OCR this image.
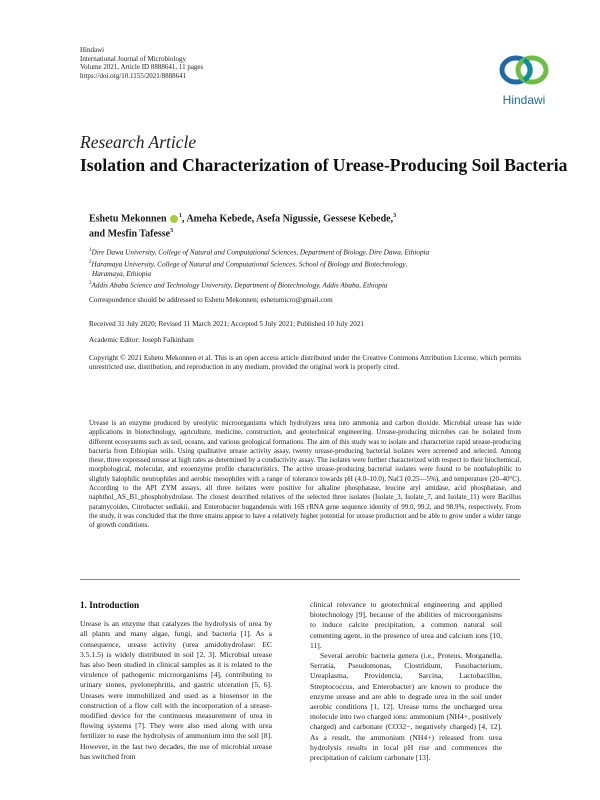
Hindawi
International Journal of Microbiology
Volume 2021, Article ID 8888641, 11 pages
https://doi.org/10.1155/2021/8888641
Hindawi
Research Article
Isolation and Characterization of Urease-Producing Soil Bacteria
Eshetu Mekonnen $^1$, Ameha Kebede, Asefa Nigussie, Gessese Kebede,$^3$
and Mesfin Tafesse$^3$

$^1$Dire Dawa University, College of Natural and Computational Sciences, Department of Biology, Dire Dawa, Ethiopia

$^2$Haramaya University, College of Natural and Computational Sciences, School of Biology and Biotechnology,

Haramaya, Ethiopia

$^3$Addis Ababa Science and Technology University, Department of Biotechnology, Addis Ababa, Ethiopia

Correspondence should be addressed to Eshetu Mekonnen; eshetumicro@gmail.com
Received 31 July 2020; Revised 11 March 2021; Accepted 5 July 2021; Published 10 July 2021
Academic Editor: Joseph Falkinham
Copyright © 2021 Eshetu Mekonnen et al. This is an open access article distributed under the Creative Commons Attribution License, which permits unrestricted use, distribution, and reproduction in any medium, provided the original work is properly cited.
Urease is an enzyme produced by ureolytic microorganisms which hydrolyzes urea into ammonia and carbon dioxide. Microbial urease has wide applications in biotechnology, agriculture, medicine, construction, and geotechnical engineering. Urease-producing microbes can be isolated from different ecosystems such as soil, oceans, and various geological formations. The aim of this study was to isolate and characterize rapid urease-producing bacteria from Ethiopian soils. Using qualitative urease activity assay, twenty urease-producing bacterial isolates were screened and selected. Among these, three expressed urease at high rates as determined by a conductivity assay. The isolates were further characterized with respect to their biochemical, morphological, molecular, and exoenzyme profile characteristics. The active urease-producing bacterial isolates were found to be nonhalophilic to slightly halophilic neutrophiles and aerobic mesophiles with a range of tolerance towards pH (4.0–10.0), NaCl (0.25—5%), and temperature (20–40°C). According to the API ZYM assays, all three isolates were positive for alkaline phosphatase, leucine aryl amidase, acid phosphatase, and naphthol_AS_B1_phosphohydrolase. The closest described relatives of the selected three isolates (Isolate_3, Isolate_7, and Isolate_11) were Bacillus paramycoides, Citrobacter sedlakii, and Enterobacter bugandensis with 16S rRNA gene sequence identity of 99.0, 99.2, and 98.9%, respectively. From the study, it was concluded that the three strains appear to have a relatively higher potential for urease production and be able to grow under a wider range of growth conditions.

1. Introduction

Urease is an enzyme that catalyzes the hydrolysis of urea by all plants and many algae, fungi, and bacteria [1]. As a consequence, urease activity (urea amidohydrolase: EC 3.5.1.5) is widely distributed in soil [2, 3]. Microbial urease has also been studied in clinical samples as it is related to the virulence of pathogenic microorganisms [4], contributing to urinary stones, pyelonephritis, and gastric ulceration [5, 6]. Ureases were immobilized and used as a biosensor in the construction of a flow cell with the incorporation of a urease-modified device for the continuous measurement of urea in flowing systems [7]. They were also used along with urea fertilizer to ease the hydrolysis of ammonium into the soil [8]. However, in the last two decades, the use of microbial urease has switched from

clinical relevance to geotechnical engineering and applied biotechnology [9], because of the abilities of microorganisms to induce calcite precipitation, a common natural soil cementing agent, in the presence of urea and calcium ions [10, 11].

Several aerobic bacteria genera (i.e., Proteus, Morganella, Serratia, Pseudomonas, Clostridium, Fusobacterium, Ureaplasma, Providencia, Sarcina, Lactobacillus, Streptococcus, and Enterobacter) are known to produce the enzyme urease and are able to degrade urea in the soil under aerobic conditions [1, 12]. Urease turns the uncharged urea molecule into two charged ions: ammonium (NH4+, positively charged) and carbonate (CO32−, negatively charged) [4, 12]. As a result, the ammonium (NH4+) released from urea hydrolysis results in local pH rise and commences the precipitation of calcium carbonate [13].
